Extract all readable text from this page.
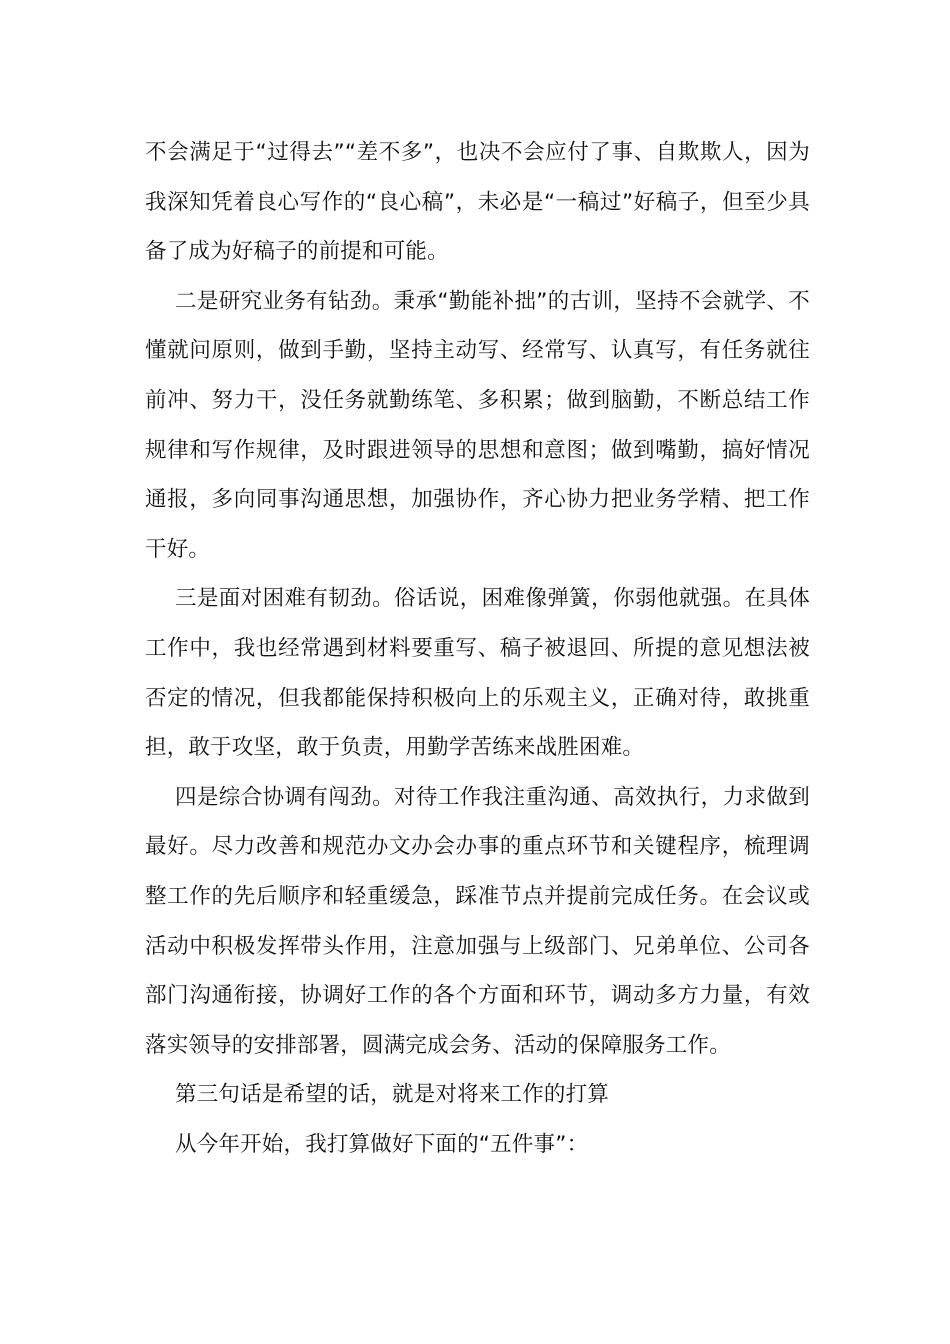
不会满足于“过得去”“差不多”，也决不会应付了事、自欺欺人，因为我深知凭着良心写作的“良心稿”，未必是“一稿过”好稿子，但至少具备了成为好稿子的前提和可能。

二是研究业务有钻劲。秉承“勤能补拙”的古训，坚持不会就学、不懂就问原则，做到手勤，坚持主动写、经常写、认真写，有任务就往前冲、努力干，没任务就勤练笔、多积累；做到脑勤，不断总结工作规律和写作规律，及时跟进领导的思想和意图；做到嘴勤，搞好情况通报，多向同事沟通思想，加强协作，齐心协力把业务学精、把工作干好。

三是面对困难有韧劲。俗话说，困难像弹簧，你弱他就强。在具体工作中，我也经常遇到材料要重写、稿子被退回、所提的意见想法被否定的情况，但我都能保持积极向上的乐观主义，正确对待，敢挑重担，敢于攻坚，敢于负责，用勤学苦练来战胜困难。

四是综合协调有闯劲。对待工作我注重沟通、高效执行，力求做到最好。尽力改善和规范办文办会办事的重点环节和关键程序，梳理调整工作的先后顺序和轻重缓急，踩准节点并提前完成任务。在会议或活动中积极发挥带头作用，注意加强与上级部门、兄弟单位、公司各部门沟通衔接，协调好工作的各个方面和环节，调动多方力量，有效落实领导的安排部署，圆满完成会务、活动的保障服务工作。

第三句话是希望的话，就是对将来工作的打算

从今年开始，我打算做好下面的“五件事”：
